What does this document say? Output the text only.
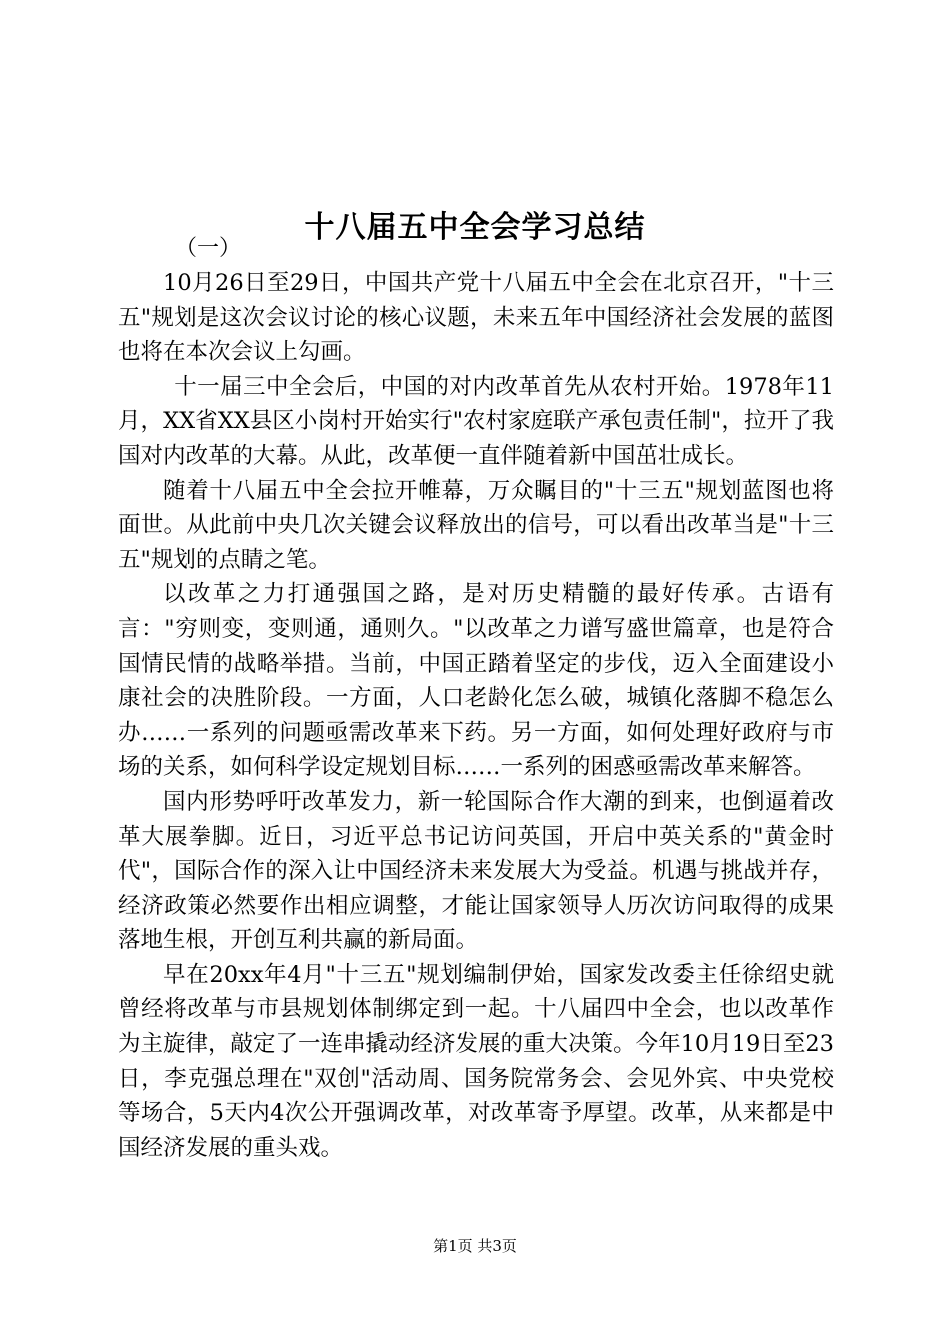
十八届五中全会学习总结
（一）

10月26日至29日，中国共产党十八届五中全会在北京召开，"十三五"规划是这次会议讨论的核心议题，未来五年中国经济社会发展的蓝图也将在本次会议上勾画。

十一届三中全会后，中国的对内改革首先从农村开始。1978年11月，XX省XX县区小岗村开始实行"农村家庭联产承包责任制"，拉开了我国对内改革的大幕。从此，改革便一直伴随着新中国茁壮成长。

随着十八届五中全会拉开帷幕，万众瞩目的"十三五"规划蓝图也将面世。从此前中央几次关键会议释放出的信号，可以看出改革当是"十三五"规划的点睛之笔。

以改革之力打通强国之路，是对历史精髓的最好传承。古语有言："穷则变，变则通，通则久。"以改革之力谱写盛世篇章，也是符合国情民情的战略举措。当前，中国正踏着坚定的步伐，迈入全面建设小康社会的决胜阶段。一方面，人口老龄化怎么破，城镇化落脚不稳怎么办……一系列的问题亟需改革来下药。另一方面，如何处理好政府与市场的关系，如何科学设定规划目标……一系列的困惑亟需改革来解答。

国内形势呼吁改革发力，新一轮国际合作大潮的到来，也倒逼着改革大展拳脚。近日，习近平总书记访问英国，开启中英关系的"黄金时代"，国际合作的深入让中国经济未来发展大为受益。机遇与挑战并存，经济政策必然要作出相应调整，才能让国家领导人历次访问取得的成果落地生根，开创互利共赢的新局面。

早在20xx年4月"十三五"规划编制伊始，国家发改委主任徐绍史就曾经将改革与市县规划体制绑定到一起。十八届四中全会，也以改革作为主旋律，敲定了一连串撬动经济发展的重大决策。今年10月19日至23日，李克强总理在"双创"活动周、国务院常务会、会见外宾、中央党校等场合，5天内4次公开强调改革，对改革寄予厚望。改革，从来都是中国经济发展的重头戏。

第1页 共3页
